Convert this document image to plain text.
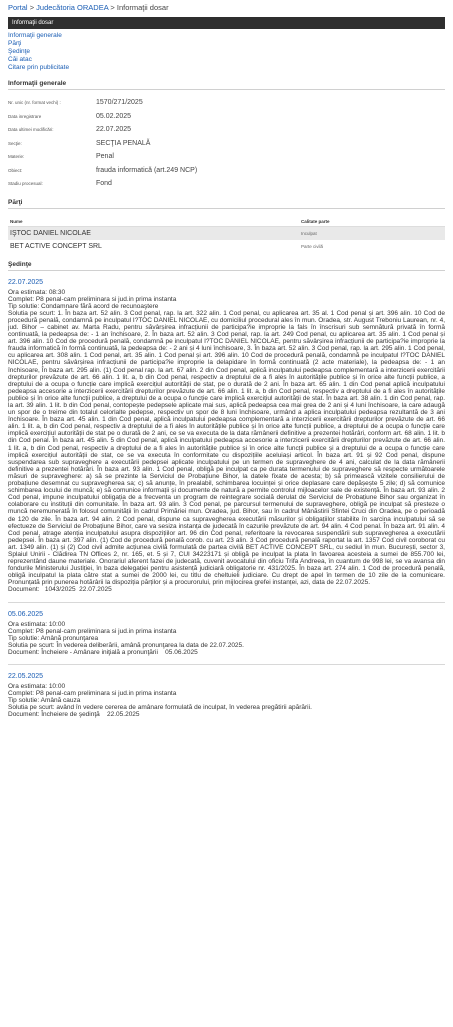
Portal > Judecătoria ORADEA > Informaţii dosar
Informaţii dosar
Informaţii generale
Părţi
Şedinţe
Căi atac
Citare prin publicitate
Informaţii generale
Nr. unic (nr. format vechi) :	1570/271/2025
Data inregistrare	05.02.2025
Data ultimei modificări:	22.07.2025
Secţie:	SECŢIA PENALĂ
Materie:	Penal
Obiect:	frauda informatică (art.249 NCP)
Stadiu procesual:	Fond
Părţi
Nume	Calitate parte
IŞTOC DANIEL NICOLAE	Inculpat
BET ACTIVE CONCEPT SRL	Parte civilă
Şedinţe
22.07.2025
Ora estimata: 08:30
Complet: P8 penal-cam preliminara si jud.in prima instanta
Tip solutie: Condamnare fără acord de recunoaştere
Solutia pe scurt: 1. În baza art. 52 alin. 3 Cod penal, rap. la art. 322 alin. 1 Cod penal, cu aplicarea art. 35 al. 1 Cod penal și art. 396 alin. 10 Cod de procedură penală, condamnă pe inculpatul I?TOC DANIEL NICOLAE, cu domiciliul procedural ales în mun. Oradea, str. August Treboniu Laurean, nr. 4, jud. Bihor – cabinet av. Marta Radu, pentru săvârșirea infracțiunii de participa?ie improprie la fals în înscrisuri sub semnătură privată în formă continuată, la pedeapsa de: - 1 an închisoare, 2. În baza art. 52 alin. 3 Cod penal, rap. la art. 249 Cod penal, cu aplicarea art. 35 alin. 1 Cod penal și art. 396 alin. 10 Cod de procedură penală, condamnă pe inculpatul I?TOC DANIEL NICOLAE, pentru săvârșirea infracțiunii de participa?ie improprie la frauda informatică în formă continuată, la pedeapsa de: - 2 ani și 4 luni închisoare, 3. În baza art. 52 alin. 3 Cod penal, rap. la art. 295 alin. 1 Cod penal, cu aplicarea art. 308 alin. 1 Cod penal, art. 35 alin. 1 Cod penal și art. 396 alin. 10 Cod de procedură penală, condamnă pe inculpatul I?TOC DANIEL NICOLAE, pentru săvârșirea infracțiunii de participa?ie improprie la delapidare în formă continuată (2 acte materiale), la pedeapsa de: - 1 an închisoare, În baza art. 295 alin. (1) Cod penal rap. la art. 67 alin. 2 din Cod penal, aplică inculpatului pedeapsa complementară a interzicerii exercitării drepturilor prevăzute de art. 66 alin. 1 lit. a, b din Cod penal, respectiv a dreptului de a fi ales în autoritățile publice și în orice alte funcții publice, a dreptului de a ocupa o funcție care implică exercițiul autorității de stat, pe o durată de 2 ani. În baza art. 65 alin. 1 din Cod penal aplică inculpatului pedeapsa accesorie a interzicerii exercitării drepturilor prevăzute de art. 66 alin. 1 lit. a, b din Cod penal, respectiv a dreptului de a fi ales în autoritățile publice și în orice alte funcții publice, a dreptului de a ocupa o funcție care implică exercițiul autorității de stat. În baza art. 38 alin. 1 din Cod penal, rap. la art. 39 alin. 1 lit. b din Cod penal, contopește pedepsele aplicate mai sus, aplică pedeapsa cea mai grea de 2 ani și 4 luni închisoare, la care adaugă un spor de o treime din totalul celorlalte pedepse, respectiv un spor de 8 luni închisoare, urmând a aplica inculpatului pedeapsa rezultantă de 3 ani închisoare. În baza art. 45 alin. 1 din Cod penal, aplică inculpatului pedeapsa complementară a interzicerii exercitării drepturilor prevăzute de art. 66 alin. 1 lit. a, b din Cod penal, respectiv a dreptului de a fi ales în autoritățile publice și în orice alte funcții publice, a dreptului de a ocupa o funcție care implică exercițiul autorității de stat pe o durată de 2 ani, ce se va executa de la data rămânerii definitive a prezentei hotărâri, conform art. 68 alin. 1 lit. b din Cod penal. În baza art. 45 alin. 5 din Cod penal, aplică inculpatului pedeapsa accesorie a interzicerii exercitării drepturilor prevăzute de art. 66 alin. 1 lit. a, b din Cod penal, respectiv a dreptului de a fi ales în autoritățile publice și în orice alte funcții publice și a dreptului de a ocupa o funcție care implică exercițiul autorității de stat, ce se va executa în conformitate cu dispozițiile aceluiași articol. În baza art. 91 și 92 Cod penal, dispune suspendarea sub supraveghere a executării pedepsei aplicate inculpatului pe un termen de supraveghere de 4 ani, calculat de la data rămânerii definitive a prezentei hotărâri. În baza art. 93 alin. 1 Cod penal, obligă pe inculpat ca pe durata termenului de supraveghere să respecte următoarele măsuri de supraveghere: a) să se prezinte la Serviciul de Probațiune Bihor, la datele fixate de acesta; b) să primească vizitele consilierului de probațiune desemnat cu supravegherea sa; c) să anunțe, în prealabil, schimbarea locuinței și orice deplasare care depășește 5 zile; d) să comunice schimbarea locului de muncă; e) să comunice informații și documente de natură a permite controlul mijloacelor sale de existență. În baza art. 93 alin. 2 Cod penal, impune inculpatului obligația de a frecventa un program de reintegrare socială derulat de Serviciul de Probațiune Bihor sau organizat în colaborare cu instituții din comunitate. În baza art. 93 alin. 3 Cod penal, pe parcursul termenului de supraveghere, obligă pe inculpat să presteze o muncă neremunerată în folosul comunității în cadrul Primăriei mun. Oradea, jud. Bihor, sau în cadrul Mânăstirii Sfintei Cruci din Oradea, pe o perioadă de 120 de zile. În baza art. 94 alin. 2 Cod penal, dispune ca supravegherea executării măsurilor și obligațiilor stabilite în sarcina inculpatului să se efectueze de Serviciul de Probațiune Bihor, care va sesiza instanța de judecată în cazurile prevăzute de art. 94 alin. 4 Cod penal. În baza art. 91 alin. 4 Cod penal, atrage atenția inculpatului asupra dispozițiilor art. 96 din Cod penal, referitoare la revocarea suspendării sub supravegherea a executării pedepsei. În baza art. 397 alin. (1) Cod de procedură penală corob. cu art. 23 alin. 3 Cod procedură penală raportat la art. 1357 Cod civil coroborat cu art. 1349 alin. (1) și (2) Cod civil admite acțiunea civilă formulată de partea civilă BET ACTIVE CONCEPT SRL, cu sediul în mun. București, sector 3, Splaiul Unirii - Clădirea TN Offices 2, nr. 165, et. 5 și 7, CUI 34223171 și obligă pe inculpat la plata în favoarea acesteia a sumei de 855.700 lei, reprezentând daune materiale. Onorariul aferent fazei de judecată, cuvenit avocatului din oficiu Trifa Andreea, în cuantum de 998 lei, se va avansa din fondurile Ministerului Justiției, în baza delegației pentru asistență judiciară obligatorie nr. 431/2025. În baza art. 274 alin. 1 Cod de procedură penală, obligă inculpatul la plata către stat a sumei de 2000 lei, cu titlu de cheltuieli judiciare. Cu drept de apel în termen de 10 zile de la comunicare. Pronunțată prin punerea hotărârii la dispoziția părților și a procurorului, prin mijlocirea grefei instanței, azi, data de 22.07.2025.
Document:   1043/2025  22.07.2025
05.06.2025
Ora estimata: 10:00
Complet: P8 penal-cam preliminara si jud.in prima instanta
Tip solutie: Amână pronunţarea
Solutia pe scurt: În vederea deliberării, amână pronunţarea la data de 22.07.2025.
Document: Încheiere - Amânare iniţială a pronunţării    05.06.2025
22.05.2025
Ora estimata: 10:00
Complet: P8 penal-cam preliminara si jud.in prima instanta
Tip solutie: Amână cauza
Solutia pe scurt: având în vedere cererea de amânare formulată de inculpat, în vederea pregătirii apărării.
Document: Încheiere de şedinţă    22.05.2025
